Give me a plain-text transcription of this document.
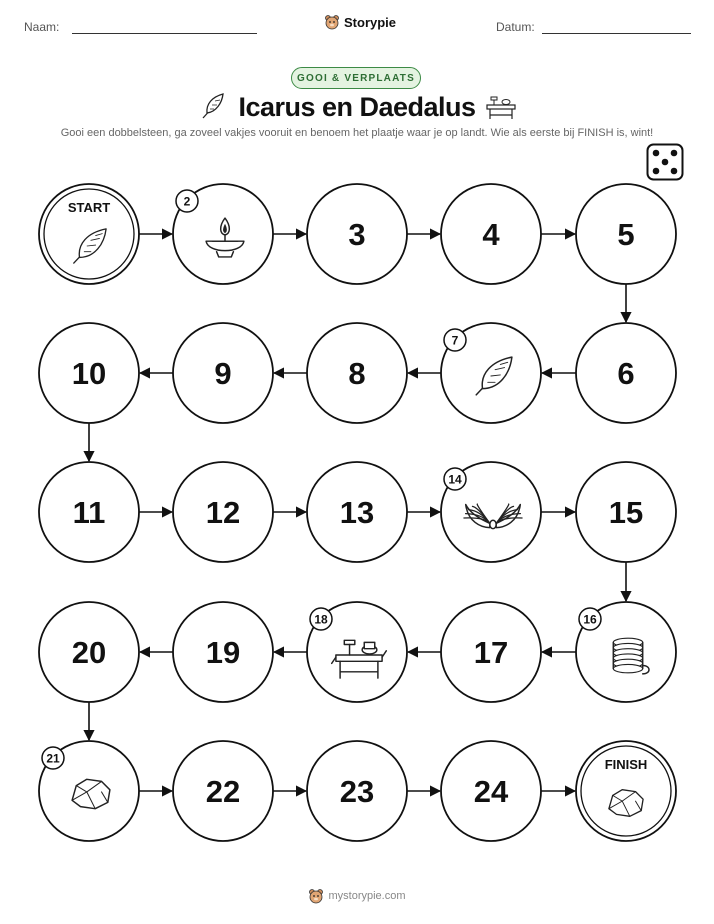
Naam:	Storypie	Datum:
GOOI & VERPLAATS
Icarus en Daedalus
Gooi een dobbelsteen, ga zoveel vakjes vooruit en benoem het plaatje waar je op landt. Wie als eerste bij FINISH is, wint!
START	2
3	4	5
6
7
8
9
10
11	12	13
14
15
16
17
18
19
20
21
22	23	24
FINISH
mystorypie.com
